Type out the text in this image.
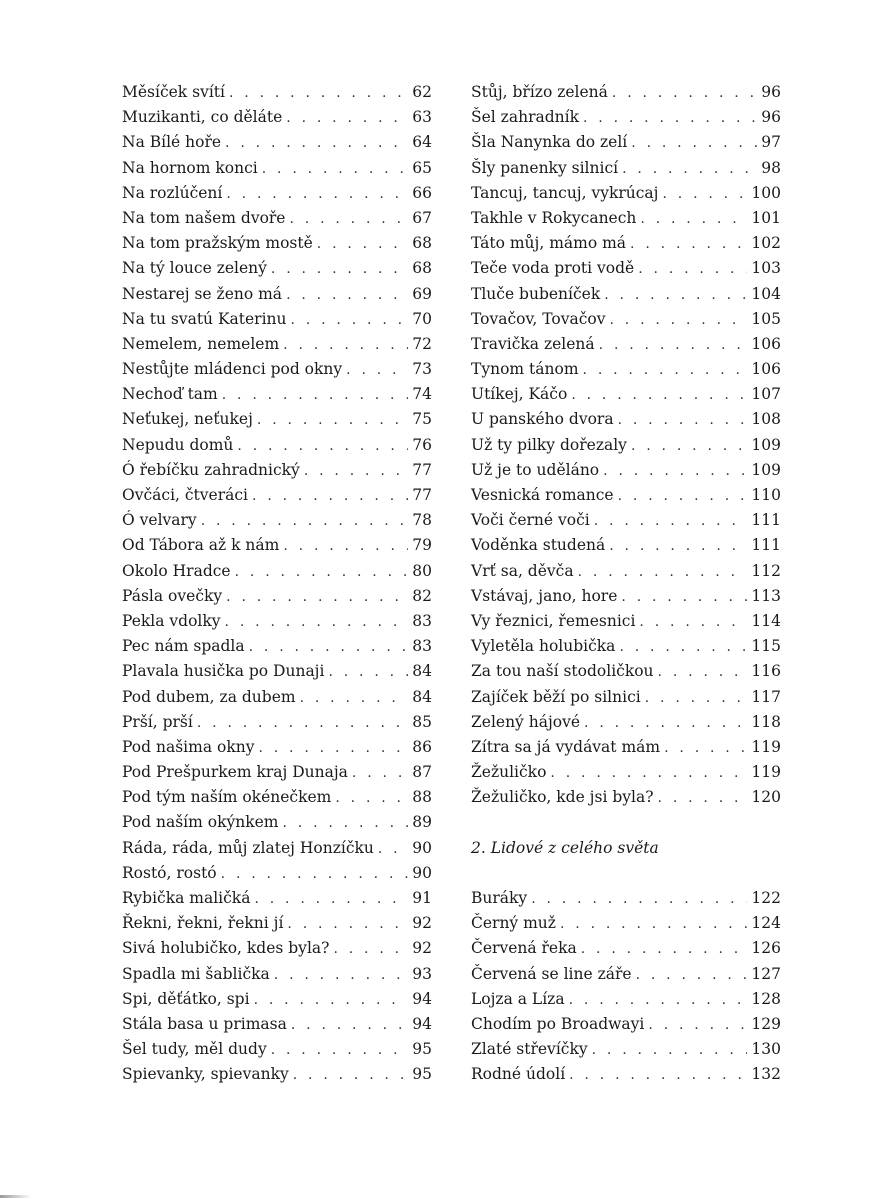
Měsíček svítí . . .	62
Muzikanti, co děláte . . .	63
Na Bílé hoře . . .	64
Na hornom konci . . .	65
Na rozlúčení . . .	66
Na tom našem dvoře . . .	67
Na tom pražským mostě . . .	68
Na tý louce zelený . . .	68
Nestarej se ženo má . . .	69
Na tu svatú Katerinu . . .	70
Nemelem, nemelem . . .	72
Nestůjte mládenci pod okny . . .	73
Nechoď tam . . .	74
Neťukej, neťukej . . .	75
Nepudu domů . . .	76
Ó řebíčku zahradnický . . .	77
Ovčáci, čtveráci . . .	77
Ó velvary . . .	78
Od Tábora až k nám . . .	79
Okolo Hradce . . .	80
Pásla ovečky . . .	82
Pekla vdolky . . .	83
Pec nám spadla . . .	83
Plavala husička po Dunaji . . .	84
Pod dubem, za dubem . . .	84
Prší, prší . . .	85
Pod našima okny . . .	86
Pod Prešpurkem kraj Dunaja . . .	87
Pod tým naším okénečkem . . .	88
Pod naším okýnkem . . .	89
Ráda, ráda, můj zlatej Honzíčku . . . 90
Rostó, rostó . . .	90
Rybička maličká . . .	91
Řekni, řekni, řekni jí . . .	92
Sivá holubičko, kdes byla? . . .	92
Spadla mi šablička . . .	93
Spi, děťátko, spi . . .	94
Stála basa u primasa . . .	94
Šel tudy, měl dudy . . .	95
Spievanky, spievanky . . .	95
Stůj, břízo zelená . . .	96
Šel zahradník . . .	96
Šla Nanynka do zelí . . .	97
Šly panenky silnicí . . .	98
Tancuj, tancuj, vykrúcaj . . .	100
Takhle v Rokycanech . . .	101
Táto můj, mámo má . . .	102
Teče voda proti vodě . . .	103
Tluče bubeníček . . .	104
Tovačov, Tovačov . . .	105
Travička zelená . . .	106
Tynom tánom . . .	106
Utíkej, Káčo . . .	107
U panského dvora . . .	108
Už ty pilky dořezaly . . .	109
Už je to uděláno . . .	109
Vesnická romance . . .	110
Voči černé voči . . .	111
Voděnka studená . . .	111
Vrť sa, děvča . . .	112
Vstávaj, jano, hore . . .	113
Vy řeznici, řemesnici . . .	114
Vyletěla holubička . . .	115
Za tou naší stodoličkou . . .	116
Zajíček běží po silnici . . .	117
Zelený hájové . . .	118
Zítra sa já vydávat mám . . .	119
Žežuličko . . .	119
Žežuličko, kde jsi byla? . . .	120
2. Lidové z celého světa
Buráky . . .	122
Černý muž . . .	124
Červená řeka . . .	126
Červená se line záře . . .	127
Lojza a Líza . . .	128
Chodím po Broadwayi . . .	129
Zlaté střevíčky . . .	130
Rodné údolí . . .	132
